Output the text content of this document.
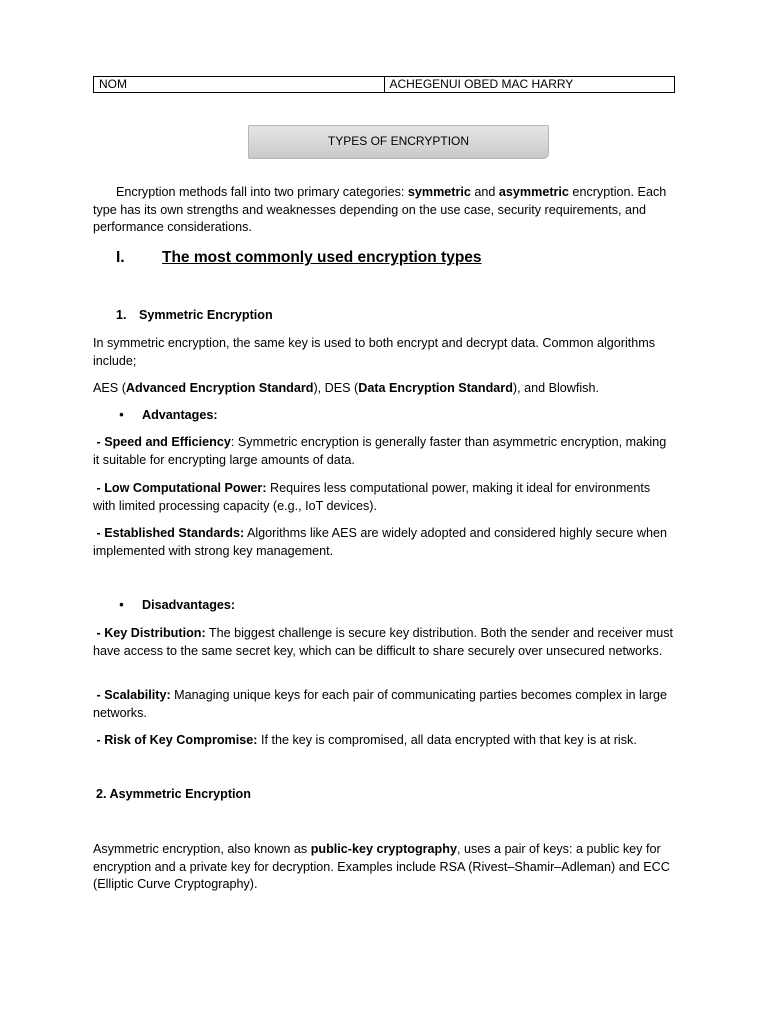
NOM	ACHEGENUI OBED MAC HARRY
TYPES OF ENCRYPTION

Encryption methods fall into two primary categories: symmetric and asymmetric encryption. Each type has its own strengths and weaknesses depending on the use case, security requirements, and performance considerations.

I.	The most commonly used encryption types
1. Symmetric Encryption

In symmetric encryption, the same key is used to both encrypt and decrypt data. Common algorithms include;

AES (Advanced Encryption Standard), DES (Data Encryption Standard), and Blowfish.

•	Advantages:

- Speed and Efficiency: Symmetric encryption is generally faster than asymmetric encryption, making it suitable for encrypting large amounts of data.

- Low Computational Power: Requires less computational power, making it ideal for environments with limited processing capacity (e.g., IoT devices).

- Established Standards: Algorithms like AES are widely adopted and considered highly secure when implemented with strong key management.

•	Disadvantages:

- Key Distribution: The biggest challenge is secure key distribution. Both the sender and receiver must have access to the same secret key, which can be difficult to share securely over unsecured networks.

- Scalability: Managing unique keys for each pair of communicating parties becomes complex in large networks.

- Risk of Key Compromise: If the key is compromised, all data encrypted with that key is at risk.

2. Asymmetric Encryption

Asymmetric encryption, also known as public-key cryptography, uses a pair of keys: a public key for encryption and a private key for decryption. Examples include RSA (Rivest–Shamir–Adleman) and ECC (Elliptic Curve Cryptography).
